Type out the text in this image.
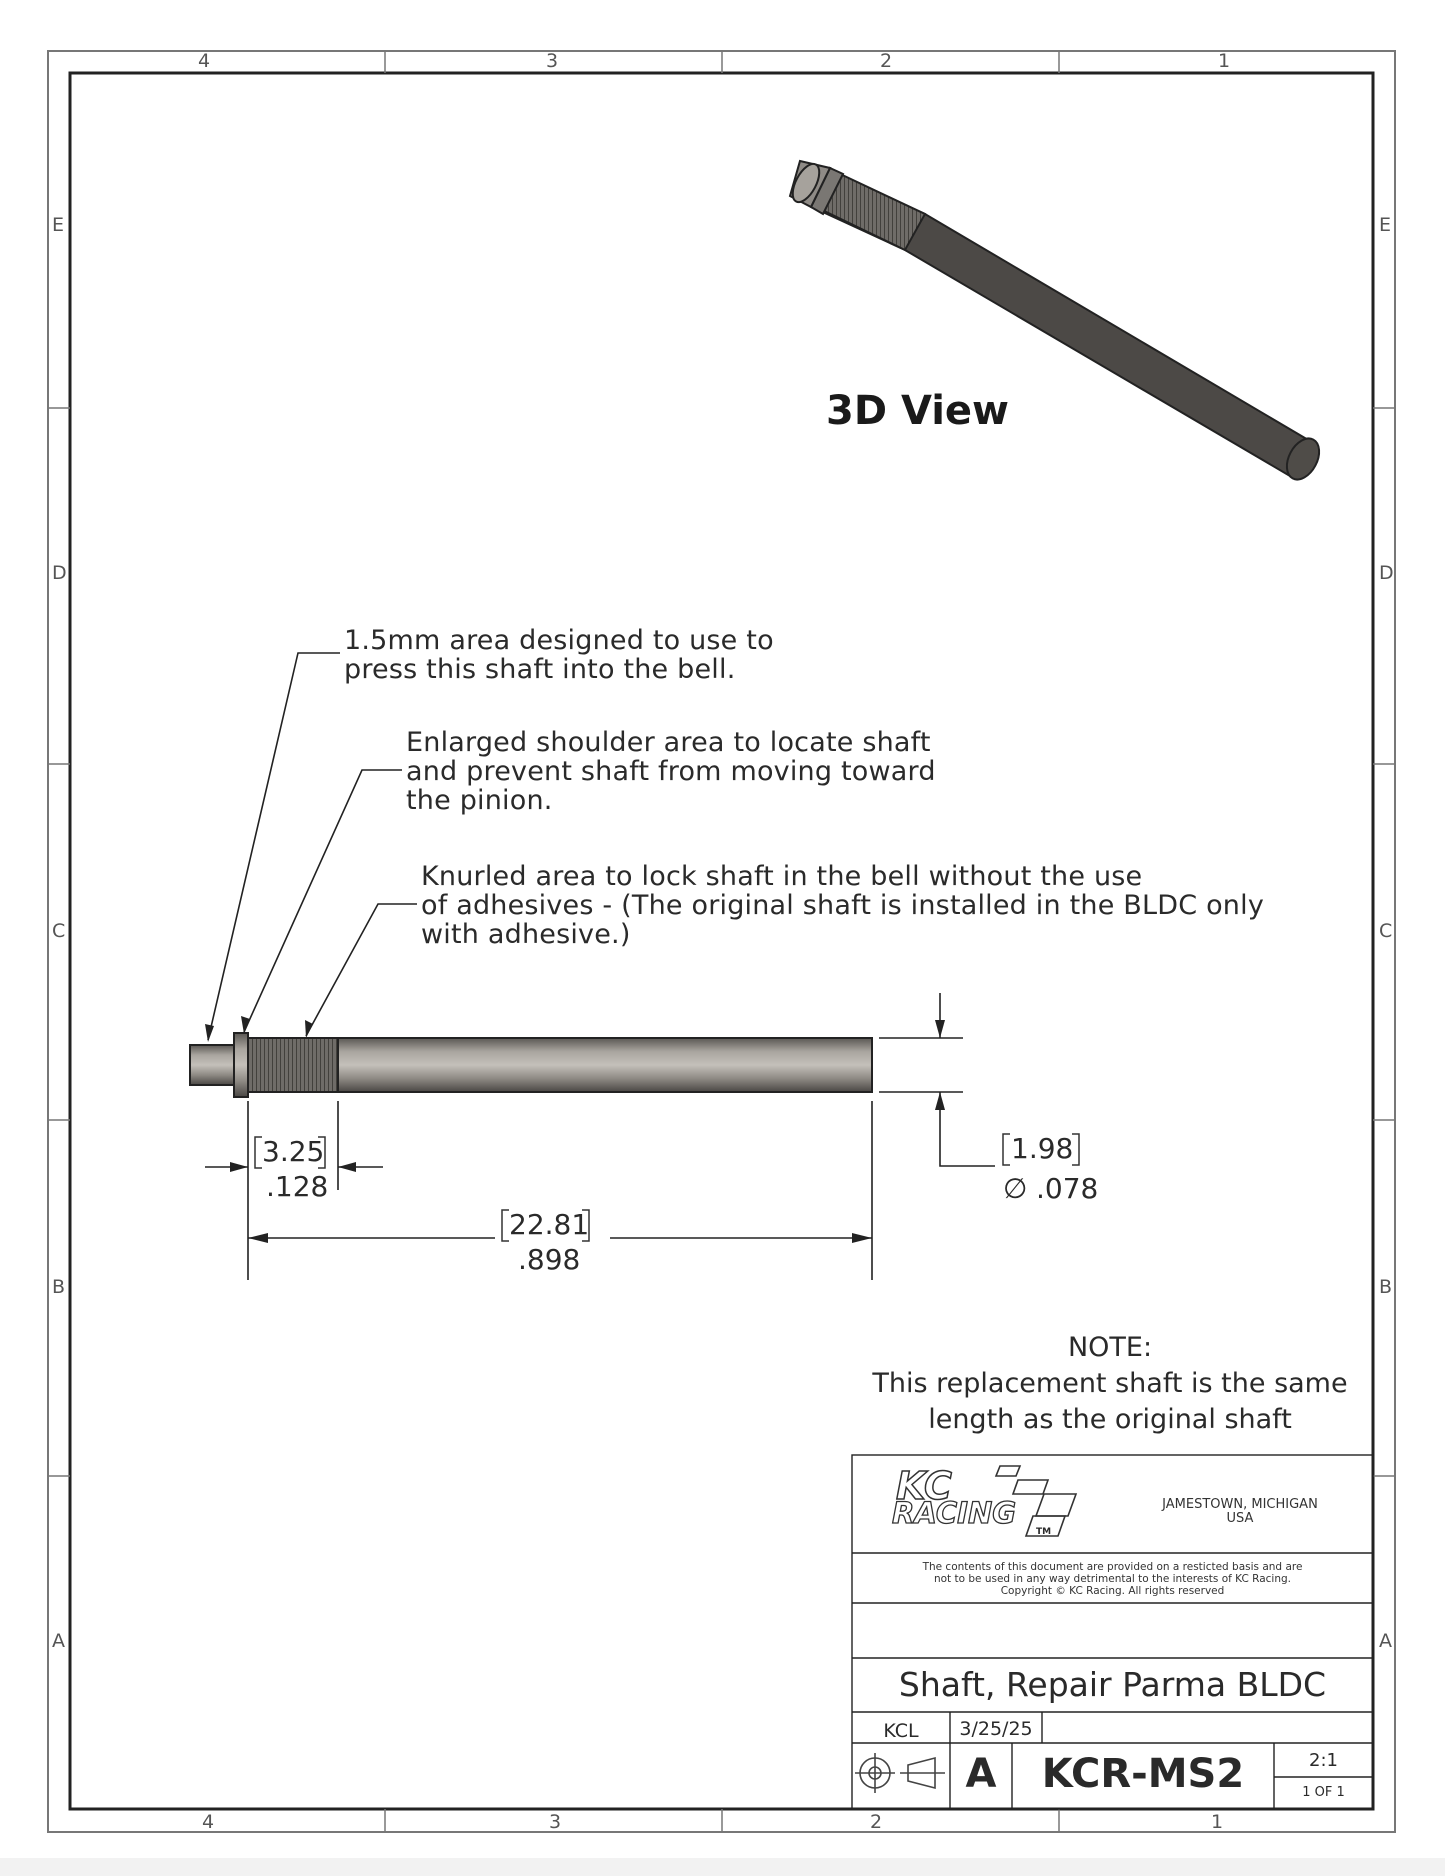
4	3	2	1
4	3	2	1
E
D
C
B
A
E
D
C
B
A
3D View
1.5mm area designed to use to
press this shaft into the bell.
Enlarged shoulder area to locate shaft
and prevent shaft from moving toward
the pinion.
Knurled area to lock shaft in the bell without the use
of adhesives - (The original shaft is installed in the BLDC only
with adhesive.)
3.25
.128
22.81
.898
1.98
∅ .078
NOTE:
This replacement shaft is the same
length as the original shaft
KC
RACING
TM
JAMESTOWN, MICHIGAN
USA
The contents of this document are provided on a resticted basis and are
not to be used in any way detrimental to the interests of KC Racing.
Copyright © KC Racing. All rights reserved
Shaft, Repair Parma BLDC
KCL	3/25/25
A	KCR-MS2	2:1
1 OF 1
